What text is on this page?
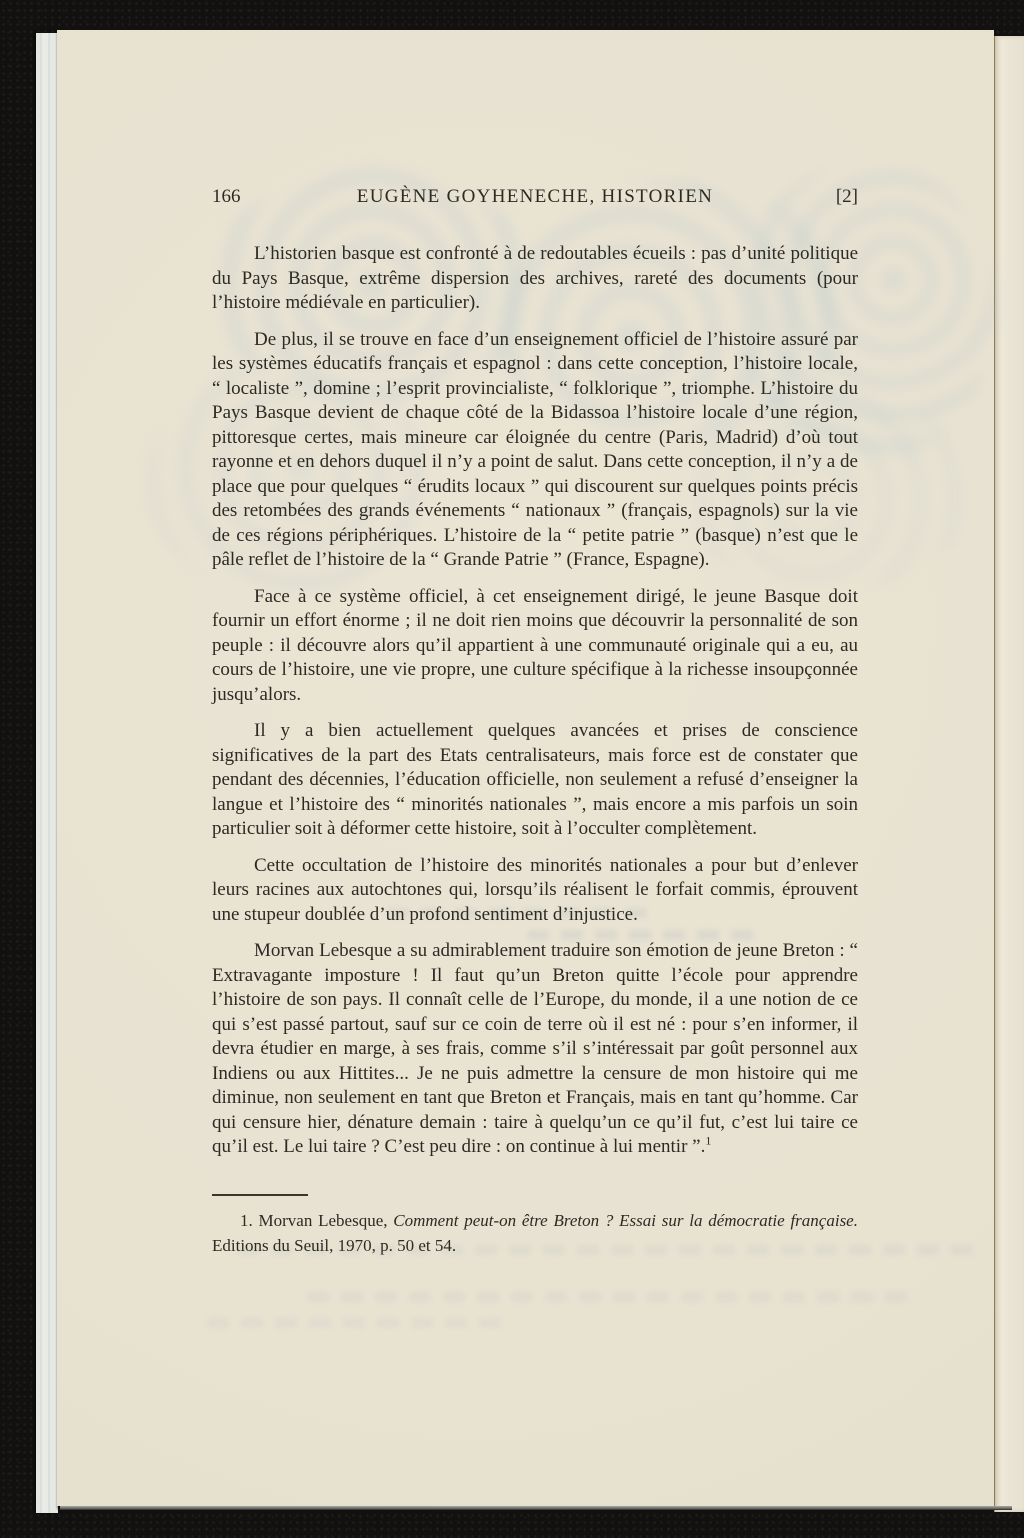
166	EUGÈNE GOYHENECHE, HISTORIEN	[2]

L’historien basque est confronté à de redoutables écueils : pas d’unité politique du Pays Basque, extrême dispersion des archives, rareté des documents (pour l’histoire médiévale en particulier).

De plus, il se trouve en face d’un enseignement officiel de l’histoire assuré par les systèmes éducatifs français et espagnol : dans cette conception, l’histoire locale, “ localiste ”, domine ; l’esprit provincialiste, “ folklorique ”, triomphe. L’histoire du Pays Basque devient de chaque côté de la Bidassoa l’histoire locale d’une région, pittoresque certes, mais mineure car éloignée du centre (Paris, Madrid) d’où tout rayonne et en dehors duquel il n’y a point de salut. Dans cette conception, il n’y a de place que pour quelques “ érudits locaux ” qui discourent sur quelques points précis des retombées des grands événements “ nationaux ” (français, espagnols) sur la vie de ces régions périphériques. L’histoire de la “ petite patrie ” (basque) n’est que le pâle reflet de l’histoire de la “ Grande Patrie ” (France, Espagne).

Face à ce système officiel, à cet enseignement dirigé, le jeune Basque doit fournir un effort énorme ; il ne doit rien moins que découvrir la personnalité de son peuple : il découvre alors qu’il appartient à une communauté originale qui a eu, au cours de l’histoire, une vie propre, une culture spécifique à la richesse insoupçonnée jusqu’alors.

Il y a bien actuellement quelques avancées et prises de conscience significatives de la part des Etats centralisateurs, mais force est de constater que pendant des décennies, l’éducation officielle, non seulement a refusé d’enseigner la langue et l’histoire des “ minorités nationales ”, mais encore a mis parfois un soin particulier soit à déformer cette histoire, soit à l’occulter complètement.

Cette occultation de l’histoire des minorités nationales a pour but d’enlever leurs racines aux autochtones qui, lorsqu’ils réalisent le forfait commis, éprouvent une stupeur doublée d’un profond sentiment d’injustice.

Morvan Lebesque a su admirablement traduire son émotion de jeune Breton : “ Extravagante imposture ! Il faut qu’un Breton quitte l’école pour apprendre l’histoire de son pays. Il connaît celle de l’Europe, du monde, il a une notion de ce qui s’est passé partout, sauf sur ce coin de terre où il est né : pour s’en informer, il devra étudier en marge, à ses frais, comme s’il s’intéressait par goût personnel aux Indiens ou aux Hittites... Je ne puis admettre la censure de mon histoire qui me diminue, non seulement en tant que Breton et Français, mais en tant qu’homme. Car qui censure hier, dénature demain : taire à quelqu’un ce qu’il fut, c’est lui taire ce qu’il est. Le lui taire ? C’est peu dire : on continue à lui mentir ”.$^1$

1. Morvan Lebesque, Comment peut-on être Breton ? Essai sur la démocratie française. Editions du Seuil, 1970, p. 50 et 54.
